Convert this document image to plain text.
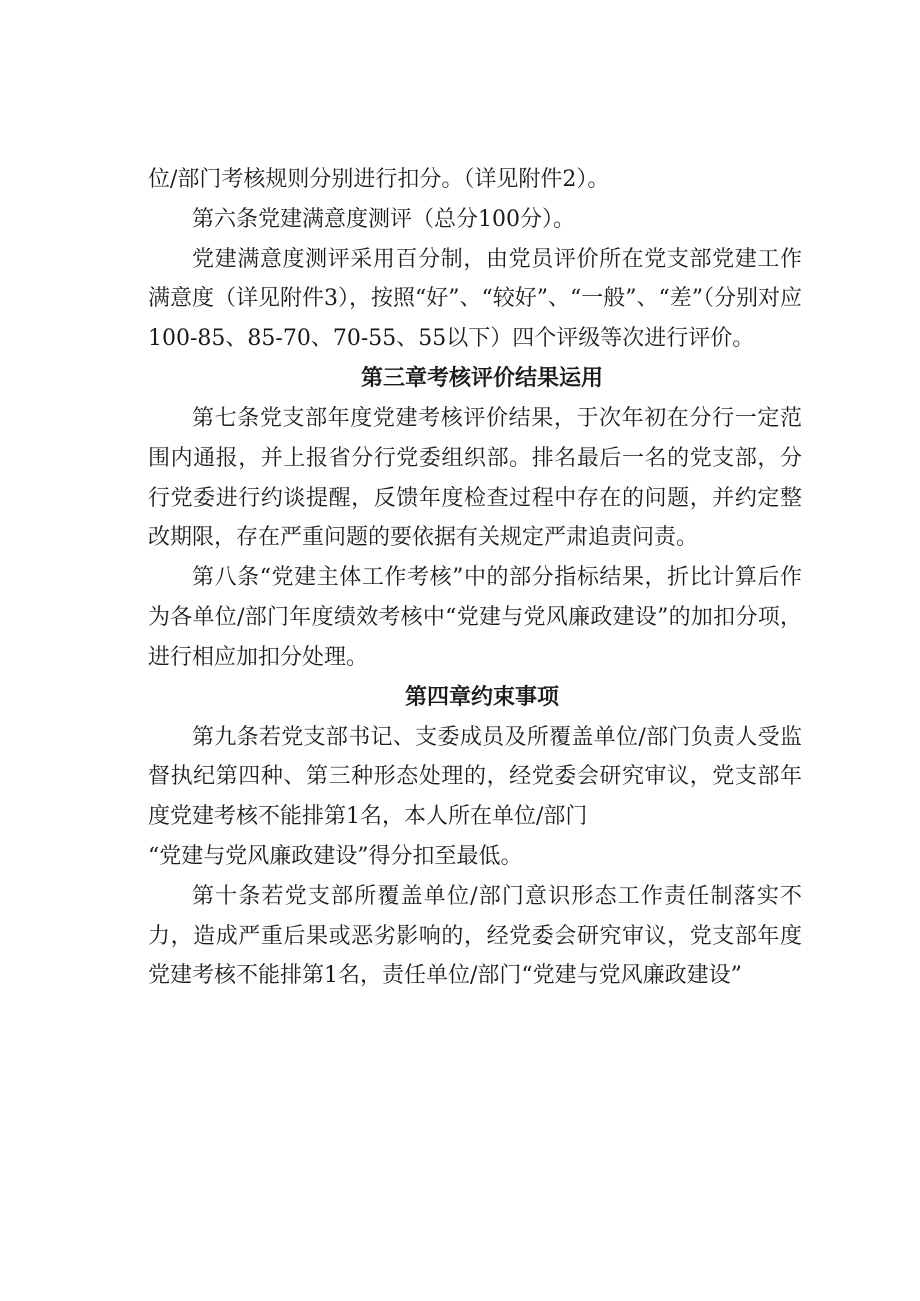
位/部门考核规则分别进行扣分。（详见附件2）。

第六条党建满意度测评（总分100分）。

党建满意度测评采用百分制，由党员评价所在党支部党建工作满意度（详见附件3），按照“好”、“较好”、“一般”、“差”（分别对应100-85、85-70、70-55、55以下）四个评级等次进行评价。

第三章考核评价结果运用

第七条党支部年度党建考核评价结果，于次年初在分行一定范围内通报，并上报省分行党委组织部。排名最后一名的党支部，分行党委进行约谈提醒，反馈年度检查过程中存在的问题，并约定整改期限，存在严重问题的要依据有关规定严肃追责问责。

第八条“党建主体工作考核”中的部分指标结果，折比计算后作为各单位/部门年度绩效考核中“党建与党风廉政建设”的加扣分项，进行相应加扣分处理。

第四章约束事项

第九条若党支部书记、支委成员及所覆盖单位/部门负责人受监督执纪第四种、第三种形态处理的，经党委会研究审议，党支部年度党建考核不能排第1名，本人所在单位/部门

“党建与党风廉政建设”得分扣至最低。

第十条若党支部所覆盖单位/部门意识形态工作责任制落实不力，造成严重后果或恶劣影响的，经党委会研究审议，党支部年度党建考核不能排第1名，责任单位/部门“党建与党风廉政建设”
